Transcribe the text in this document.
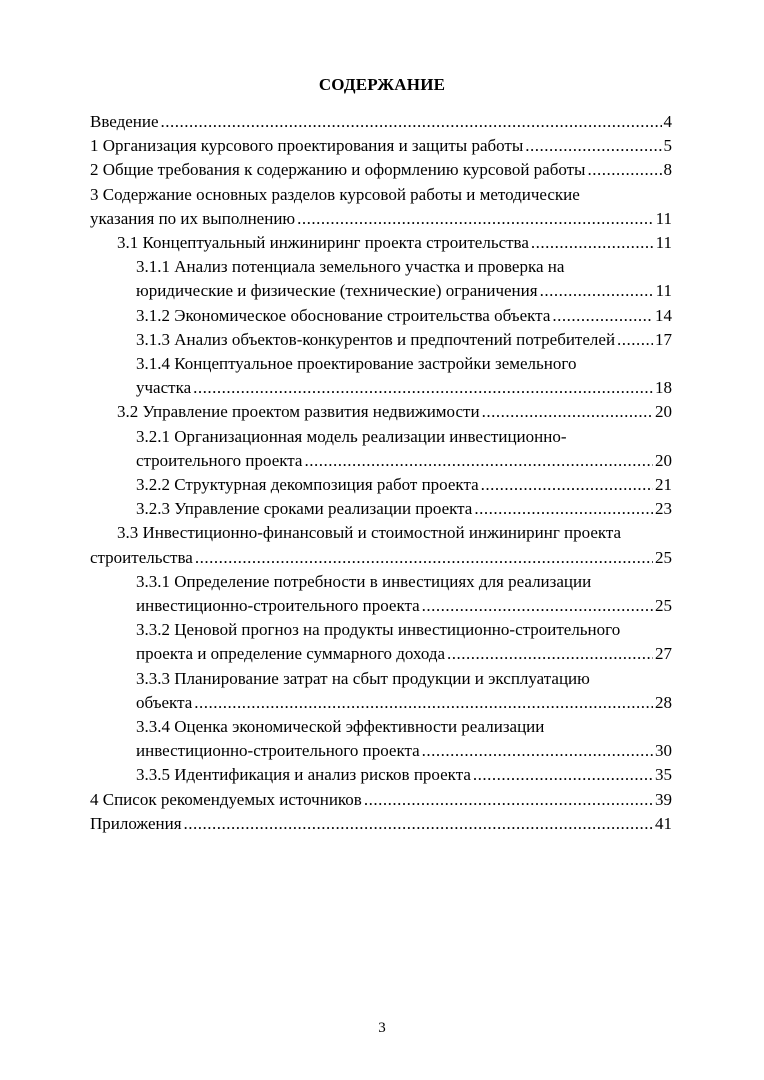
СОДЕРЖАНИЕ
Введение .....	4
1 Организация курсового проектирования и защиты работы .....	5
2 Общие требования к содержанию и оформлению курсовой работы .....	8
3 Содержание основных разделов курсовой работы и методические
указания по их выполнению .....	11
3.1 Концептуальный инжиниринг проекта строительства .....	11
3.1.1 Анализ потенциала земельного участка и проверка на
юридические и физические (технические) ограничения .....	11
3.1.2 Экономическое обоснование строительства объекта .....	14
3.1.3 Анализ объектов-конкурентов и предпочтений потребителей ..... 17
3.1.4 Концептуальное проектирование застройки земельного
участка .....	18
3.2 Управление проектом развития недвижимости .....	20
3.2.1 Организационная модель реализации инвестиционно-
строительного проекта .....	20
3.2.2 Структурная декомпозиция работ проекта .....	21
3.2.3 Управление сроками реализации проекта .....	23
3.3 Инвестиционно-финансовый и стоимостной инжиниринг проекта
строительства .....	25
3.3.1 Определение потребности в инвестициях для реализации
инвестиционно-строительного проекта .....	25
3.3.2 Ценовой прогноз на продукты инвестиционно-строительного
проекта и определение суммарного дохода .....	27
3.3.3 Планирование затрат на сбыт продукции и эксплуатацию
объекта .....	28
3.3.4 Оценка экономической эффективности реализации
инвестиционно-строительного проекта .....	30
3.3.5 Идентификация и анализ рисков проекта .....	35
4 Список рекомендуемых источников .....	39
Приложения .....	41
3
